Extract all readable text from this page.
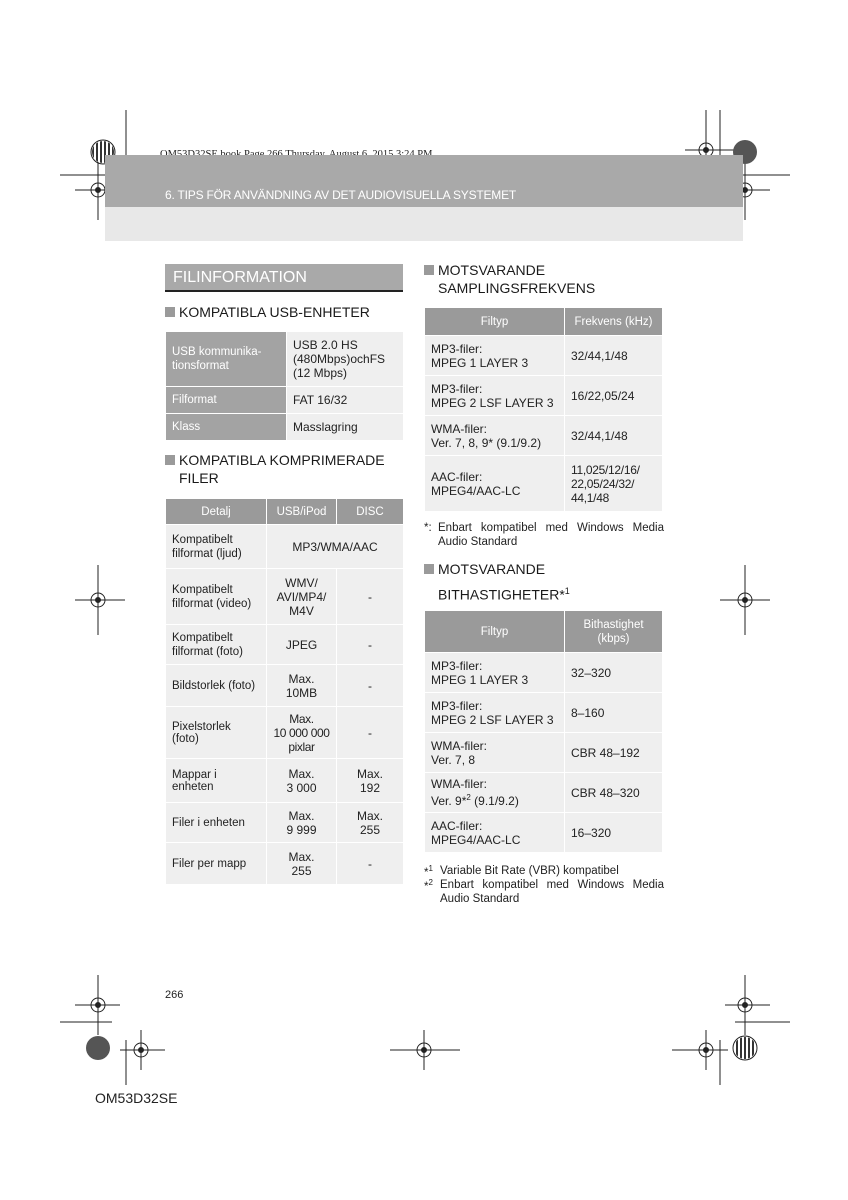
6. TIPS FÖR ANVÄNDNING AV DET AUDIOVISUELLA SYSTEMET
FILINFORMATION
KOMPATIBLA USB-ENHETER
USB kommunika-
tionsformat	USB 2.0 HS
(480Mbps)ochFS
(12 Mbps)
Filformat	FAT 16/32
Klass	Masslagring
KOMPATIBLA KOMPRIMERADE
FILER
Detalj	USB/iPod	DISC
Kompatibelt
filformat (ljud)	MP3/WMA/AAC	
Kompatibelt
filformat (video)	WMV/
AVI/MP4/
M4V	-
Kompatibelt
filformat (foto)	JPEG	-
Bildstorlek (foto)	Max.
10MB	-
Pixelstorlek (foto)	Max.
10 000 000
pixlar	-
Mappar i enheten	Max.
3 000	Max.
192
Filer i enheten	Max.
9 999	Max.
255
Filer per mapp	Max.
255	-
MOTSVARANDE
SAMPLINGSFREKVENS
Filtyp	Frekvens (kHz)
MP3-filer:
MPEG 1 LAYER 3	32/44,1/48
MP3-filer:
MPEG 2 LSF LAYER 3	16/22,05/24
WMA-filer:
Ver. 7, 8, 9* (9.1/9.2)	32/44,1/48
AAC-filer:
MPEG4/AAC-LC	11,025/12/16/
22,05/24/32/
44,1/48
*: Enbart kompatibel med Windows Media Audio Standard
MOTSVARANDE
BITHASTIGHETER*$^1$
Filtyp	Bithastighet
(kbps)
MP3-filer:
MPEG 1 LAYER 3	32–320
MP3-filer:
MPEG 2 LSF LAYER 3	8–160
WMA-filer:
Ver. 7, 8	CBR 48–192
WMA-filer:
Ver. 9*$^2$ (9.1/9.2)	CBR 48–320
AAC-filer:
MPEG4/AAC-LC	16–320
*$^1$ Variable Bit Rate (VBR) kompatibel
*$^2$ Enbart kompatibel med Windows Media Audio Standard
266
OM53D32SE
